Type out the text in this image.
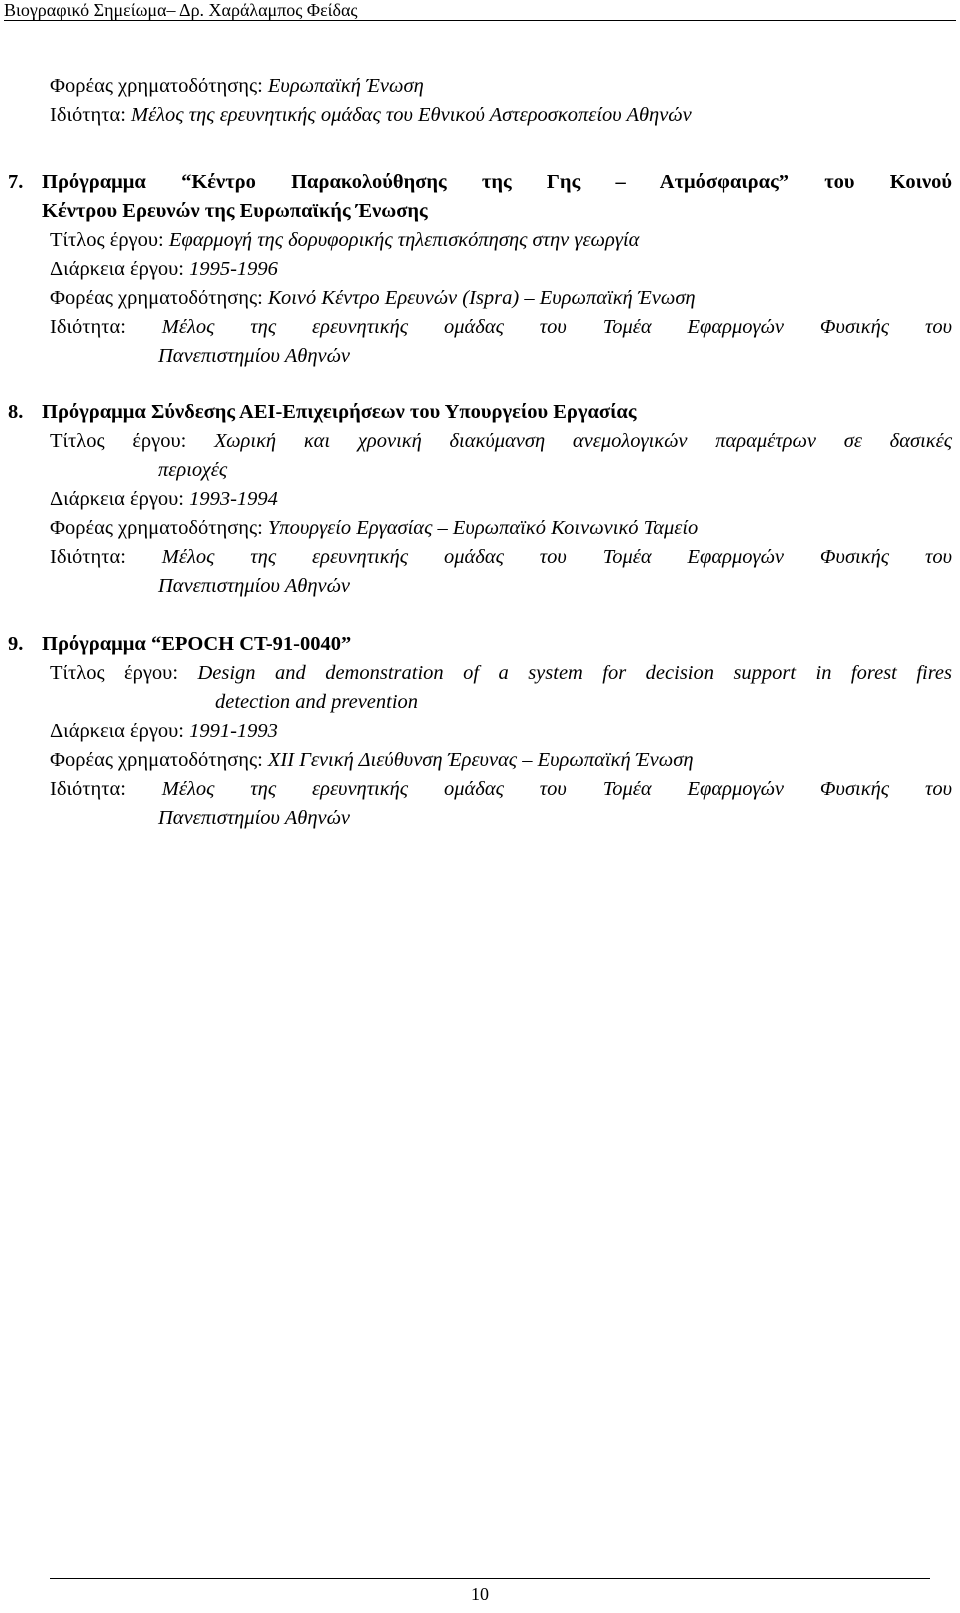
Βιογραφικό Σημείωμα– Δρ. Χαράλαμπος Φείδας
Φορέας χρηματοδότησης: Ευρωπαϊκή Ένωση
Ιδιότητα: Μέλος της ερευνητικής ομάδας του Εθνικού Αστεροσκοπείου Αθηνών
7. Πρόγραμμα “Κέντρο Παρακολούθησης της Γης – Ατμόσφαιρας” του Κοινού
Κέντρου Ερευνών της Ευρωπαϊκής Ένωσης
Τίτλος έργου: Εφαρμογή της δορυφορικής τηλεπισκόπησης στην γεωργία
Διάρκεια έργου: 1995-1996
Φορέας χρηματοδότησης: Κοινό Κέντρο Ερευνών (Ispra) – Ευρωπαϊκή Ένωση
Ιδιότητα: Μέλος της ερευνητικής ομάδας του Τομέα Εφαρμογών Φυσικής του
Πανεπιστημίου Αθηνών
8. Πρόγραμμα Σύνδεσης ΑΕΙ-Επιχειρήσεων του Υπουργείου Εργασίας
Τίτλος έργου: Χωρική και χρονική διακύμανση ανεμολογικών παραμέτρων σε δασικές
περιοχές
Διάρκεια έργου: 1993-1994
Φορέας χρηματοδότησης: Υπουργείο Εργασίας – Ευρωπαϊκό Κοινωνικό Ταμείο
Ιδιότητα: Μέλος της ερευνητικής ομάδας του Τομέα Εφαρμογών Φυσικής του
Πανεπιστημίου Αθηνών
9. Πρόγραμμα “EPOCH CT-91-0040”
Τίτλος έργου: Design and demonstration of a system for decision support in forest fires
detection and prevention
Διάρκεια έργου: 1991-1993
Φορέας χρηματοδότησης: ΧΙΙ Γενική Διεύθυνση Έρευνας – Ευρωπαϊκή Ένωση
Ιδιότητα: Μέλος της ερευνητικής ομάδας του Τομέα Εφαρμογών Φυσικής του
Πανεπιστημίου Αθηνών
10
